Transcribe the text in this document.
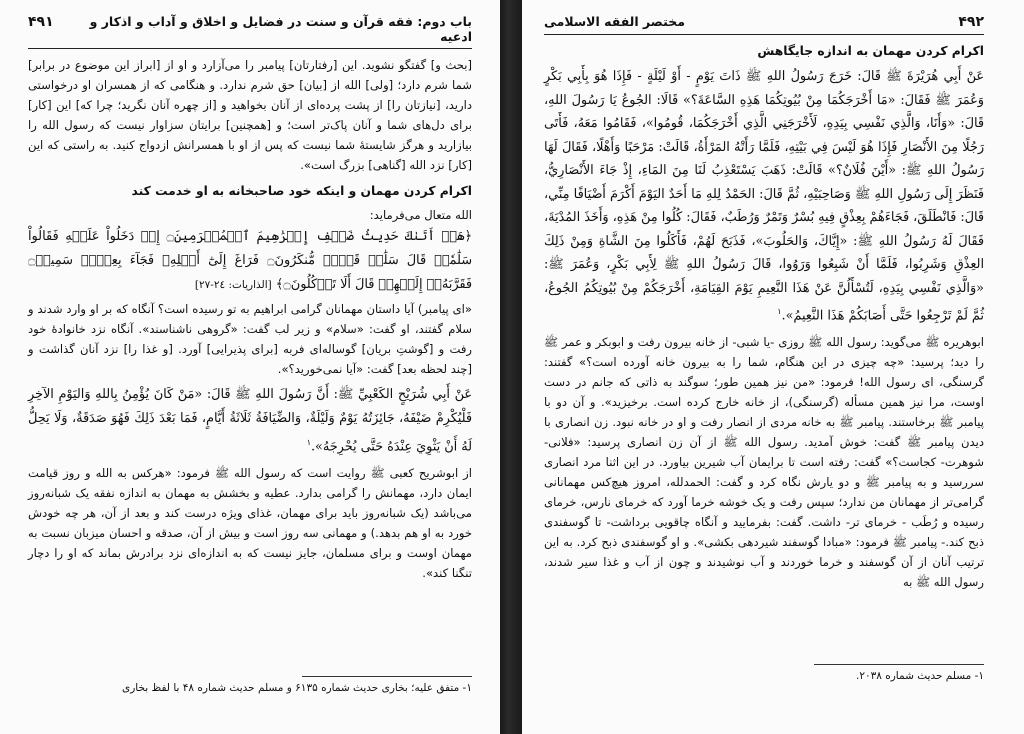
باب دوم: فقه قرآن و سنت در فضایل و اخلاق و آداب و اذکار و ادعیه
۴۹۱

[بحث و] گفتگو نشوید. این [رفتارتان] پیامبر را می‌آزارد و او از [ابراز این موضوع در برابر] شما شرم دارد؛ [ولی] الله از [بیان] حق شرم ندارد. و هنگامی که از همسران او درخواستی دارید، [نیازتان را] از پشت پرده‌ای از آنان بخواهید و [از چهره آنان نگرید؛ چرا که] این [کار] برای دل‌های شما و آنان پاک‌تر است؛ و [همچنین] برایتان سزاوار نیست که رسول الله را بیازارید و هرگز شایستهٔ شما نیست که پس از او با همسرانش ازدواج کنید. به راستی که این [کار] نزد الله [گناهی] بزرگ است».

اکرام کردن مهمان و اینکه خود صاحبخانه به او خدمت کند

الله متعال می‌فرماید:

﴿هَلۡ أَتَىٰكَ حَدِيثُ ضَيۡفِ إِبۡرَٰهِيمَ ٱلۡمُكۡرَمِينَ۝ إِذۡ دَخَلُواْ عَلَيۡهِ فَقَالُواْ سَلَٰمٗاۖ قَالَ سَلَٰمٞ قَوۡمٞ مُّنكَرُونَ۝ فَرَاغَ إِلَىٰٓ أَهۡلِهِۦ فَجَآءَ بِعِجۡلٖ سَمِينٖ۝ فَقَرَّبَهُۥٓ إِلَيۡهِمۡ قَالَ أَلَا تَأۡكُلُونَ۝﴾ [الذاريات: ٢٤-٢٧]

«ای پیامبر) آیا داستان مهمانان گرامی ابراهیم به تو رسیده است؟ آنگاه که بر او وارد شدند و سلام گفتند، او گفت: «سلام» و زیر لب گفت: «گروهی ناشناسند». آنگاه نزد خانوادهٔ خود رفت و [گوشتِ بریان] گوساله‌ای فربه [برای پذیرایی] آورد. [و غذا را] نزد آنان گذاشت و [چند لحظه بعد] گفت: «آیا نمی‌خورید؟».

عَنْ أَبِي شُرَيْحٍ الكَعْبِيِّ ﷺ: أَنَّ رَسُولَ اللهِ ﷺ قَالَ: «مَنْ كَانَ يُؤْمِنُ بِاللهِ وَاليَوْمِ الآخِرِ فَلْيُكْرِمْ ضَيْفَهُ، جَائِزَتُهُ يَوْمٌ وَلَيْلَةٌ، وَالضِّيَافَةُ ثَلَاثَةُ أَيَّامٍ، فَمَا بَعْدَ ذَلِكَ فَهُوَ صَدَقَةٌ، وَلَا يَحِلُّ لَهُ أَنْ يَثْوِيَ عِنْدَهُ حَتَّى يُحْرِجَهُ».$^١$

از ابوشریح کعبی ﷺ روایت است که رسول الله ﷺ فرمود: «هرکس به الله و روز قیامت ایمان دارد، مهمانش را گرامی بدارد. عطیه و بخشش به مهمان به اندازه نفقه یک شبانه‌روز می‌باشد (یک شبانه‌روز باید برای مهمان، غذای ویژه درست کند و بعد از آن، هر چه خودش خورد به او هم بدهد.) و مهمانی سه روز است و بیش از آن، صدقه و احسان میزبان نسبت به مهمان اوست و برای مسلمان، جایز نیست که به اندازه‌ای نزد برادرش بماند که او را دچار تنگنا کند».

١- متفق علیه؛ بخاری حدیث شماره ۶۱۳۵ و مسلم حدیث شماره ۴۸ با لفظ بخاری
۴۹۲
مختصر الفقه الاسلامی
اکرام کردن مهمان به اندازه جایگاهش

عَنْ أَبِي هُرَيْرَةَ ﷺ قَالَ: خَرَجَ رَسُولُ اللهِ ﷺ ذَاتَ يَوْمٍ - أَوْ لَيْلَةٍ - فَإِذَا هُوَ بِأَبِي بَكْرٍ وَعُمَرَ ﷺ فَقَالَ: «مَا أَخْرَجَكُمَا مِنْ بُيُوتِكُمَا هَذِهِ السَّاعَةَ؟» قَالَا: الجُوعُ يَا رَسُولَ اللهِ، قَالَ: «وَأَنَا، وَالَّذِي نَفْسِي بِيَدِهِ، لَأَخْرَجَنِي الَّذِي أَخْرَجَكُمَا، قُومُوا»، فَقَامُوا مَعَهُ، فَأَتَى رَجُلًا مِنَ الأَنْصَارِ فَإِذَا هُوَ لَيْسَ فِي بَيْتِهِ، فَلَمَّا رَأَتْهُ المَرْأَةُ، قَالَتْ: مَرْحَبًا وَأَهْلًا، فَقَالَ لَهَا رَسُولُ اللهِ ﷺ: «أَيْنَ فُلَانٌ؟» قَالَتْ: ذَهَبَ يَسْتَعْذِبُ لَنَا مِنَ المَاءِ، إِذْ جَاءَ الأَنْصَارِيُّ، فَنَظَرَ إِلَى رَسُولِ اللهِ ﷺ وَصَاحِبَيْهِ، ثُمَّ قَالَ: الحَمْدُ لِلهِ مَا أَحَدٌ اليَوْمَ أَكْرَمَ أَضْيَافًا مِنِّي، قَالَ: فَانْطَلَقَ، فَجَاءَهُمْ بِعِذْقٍ فِيهِ بُسْرٌ وَتَمْرٌ وَرُطَبٌ، فَقَالَ: كُلُوا مِنْ هَذِهِ، وَأَخَذَ المُدْيَةَ، فَقَالَ لَهُ رَسُولُ اللهِ ﷺ: «إِيَّاكَ، وَالحَلُوبَ»، فَذَبَحَ لَهُمْ، فَأَكَلُوا مِنَ الشَّاةِ وَمِنْ ذَلِكَ العِذْقِ وَشَرِبُوا، فَلَمَّا أَنْ شَبِعُوا وَرَوُوا، قَالَ رَسُولُ اللهِ ﷺ لِأَبِي بَكْرٍ، وَعُمَرَ ﷺ: «وَالَّذِي نَفْسِي بِيَدِهِ، لَتُسْأَلُنَّ عَنْ هَذَا النَّعِيمِ يَوْمَ القِيَامَةِ، أَخْرَجَكُمْ مِنْ بُيُوتِكُمُ الجُوعُ، ثُمَّ لَمْ تَرْجِعُوا حَتَّى أَصَابَكُمْ هَذَا النَّعِيمُ».$^١$

ابوهریره ﷺ می‌گوید: رسول الله ﷺ روزی -یا شبی- از خانه بیرون رفت و ابوبکر و عمر ﷺ را دید؛ پرسید: «چه چیزی در این هنگام، شما را به بیرون خانه آورده است؟» گفتند: گرسنگی، ای رسول الله! فرمود: «من نیز همین طور؛ سوگند به ذاتی که جانم در دست اوست، مرا نیز همین مسأله (گرسنگی)، از خانه خارج کرده است. برخیزید». و آن دو با پیامبر ﷺ برخاستند. پیامبر ﷺ به خانه مردی از انصار رفت و او در خانه نبود. زن انصاری با دیدن پیامبر ﷺ گفت: خوش آمدید. رسول الله ﷺ از آن زن انصاری پرسید: «فلانی- شوهرت- کجاست؟» گفت: رفته است تا برایمان آب شیرین بیاورد. در این اثنا مرد انصاری سررسید و به پیامبر ﷺ و دو یارش نگاه کرد و گفت: الحمدلله، امروز هیچ‌کس مهمانانی گرامی‌تر از مهمانان من ندارد؛ سپس رفت و یک خوشه خرما آورد که خرمای نارس، خرمای رسیده و رُطَب - خرمای تر- داشت. گفت: بفرمایید و آنگاه چاقویی برداشت- تا گوسفندی ذبح کند.- پیامبر ﷺ فرمود: «مبادا گوسفند شیردهی بکشی». و او گوسفندی ذبح کرد. به این ترتیب آنان از آن گوسفند و خرما خوردند و آب نوشیدند و چون از آب و غذا سیر شدند، رسول الله ﷺ به

١- مسلم حدیث شماره ۲۰۳۸.
